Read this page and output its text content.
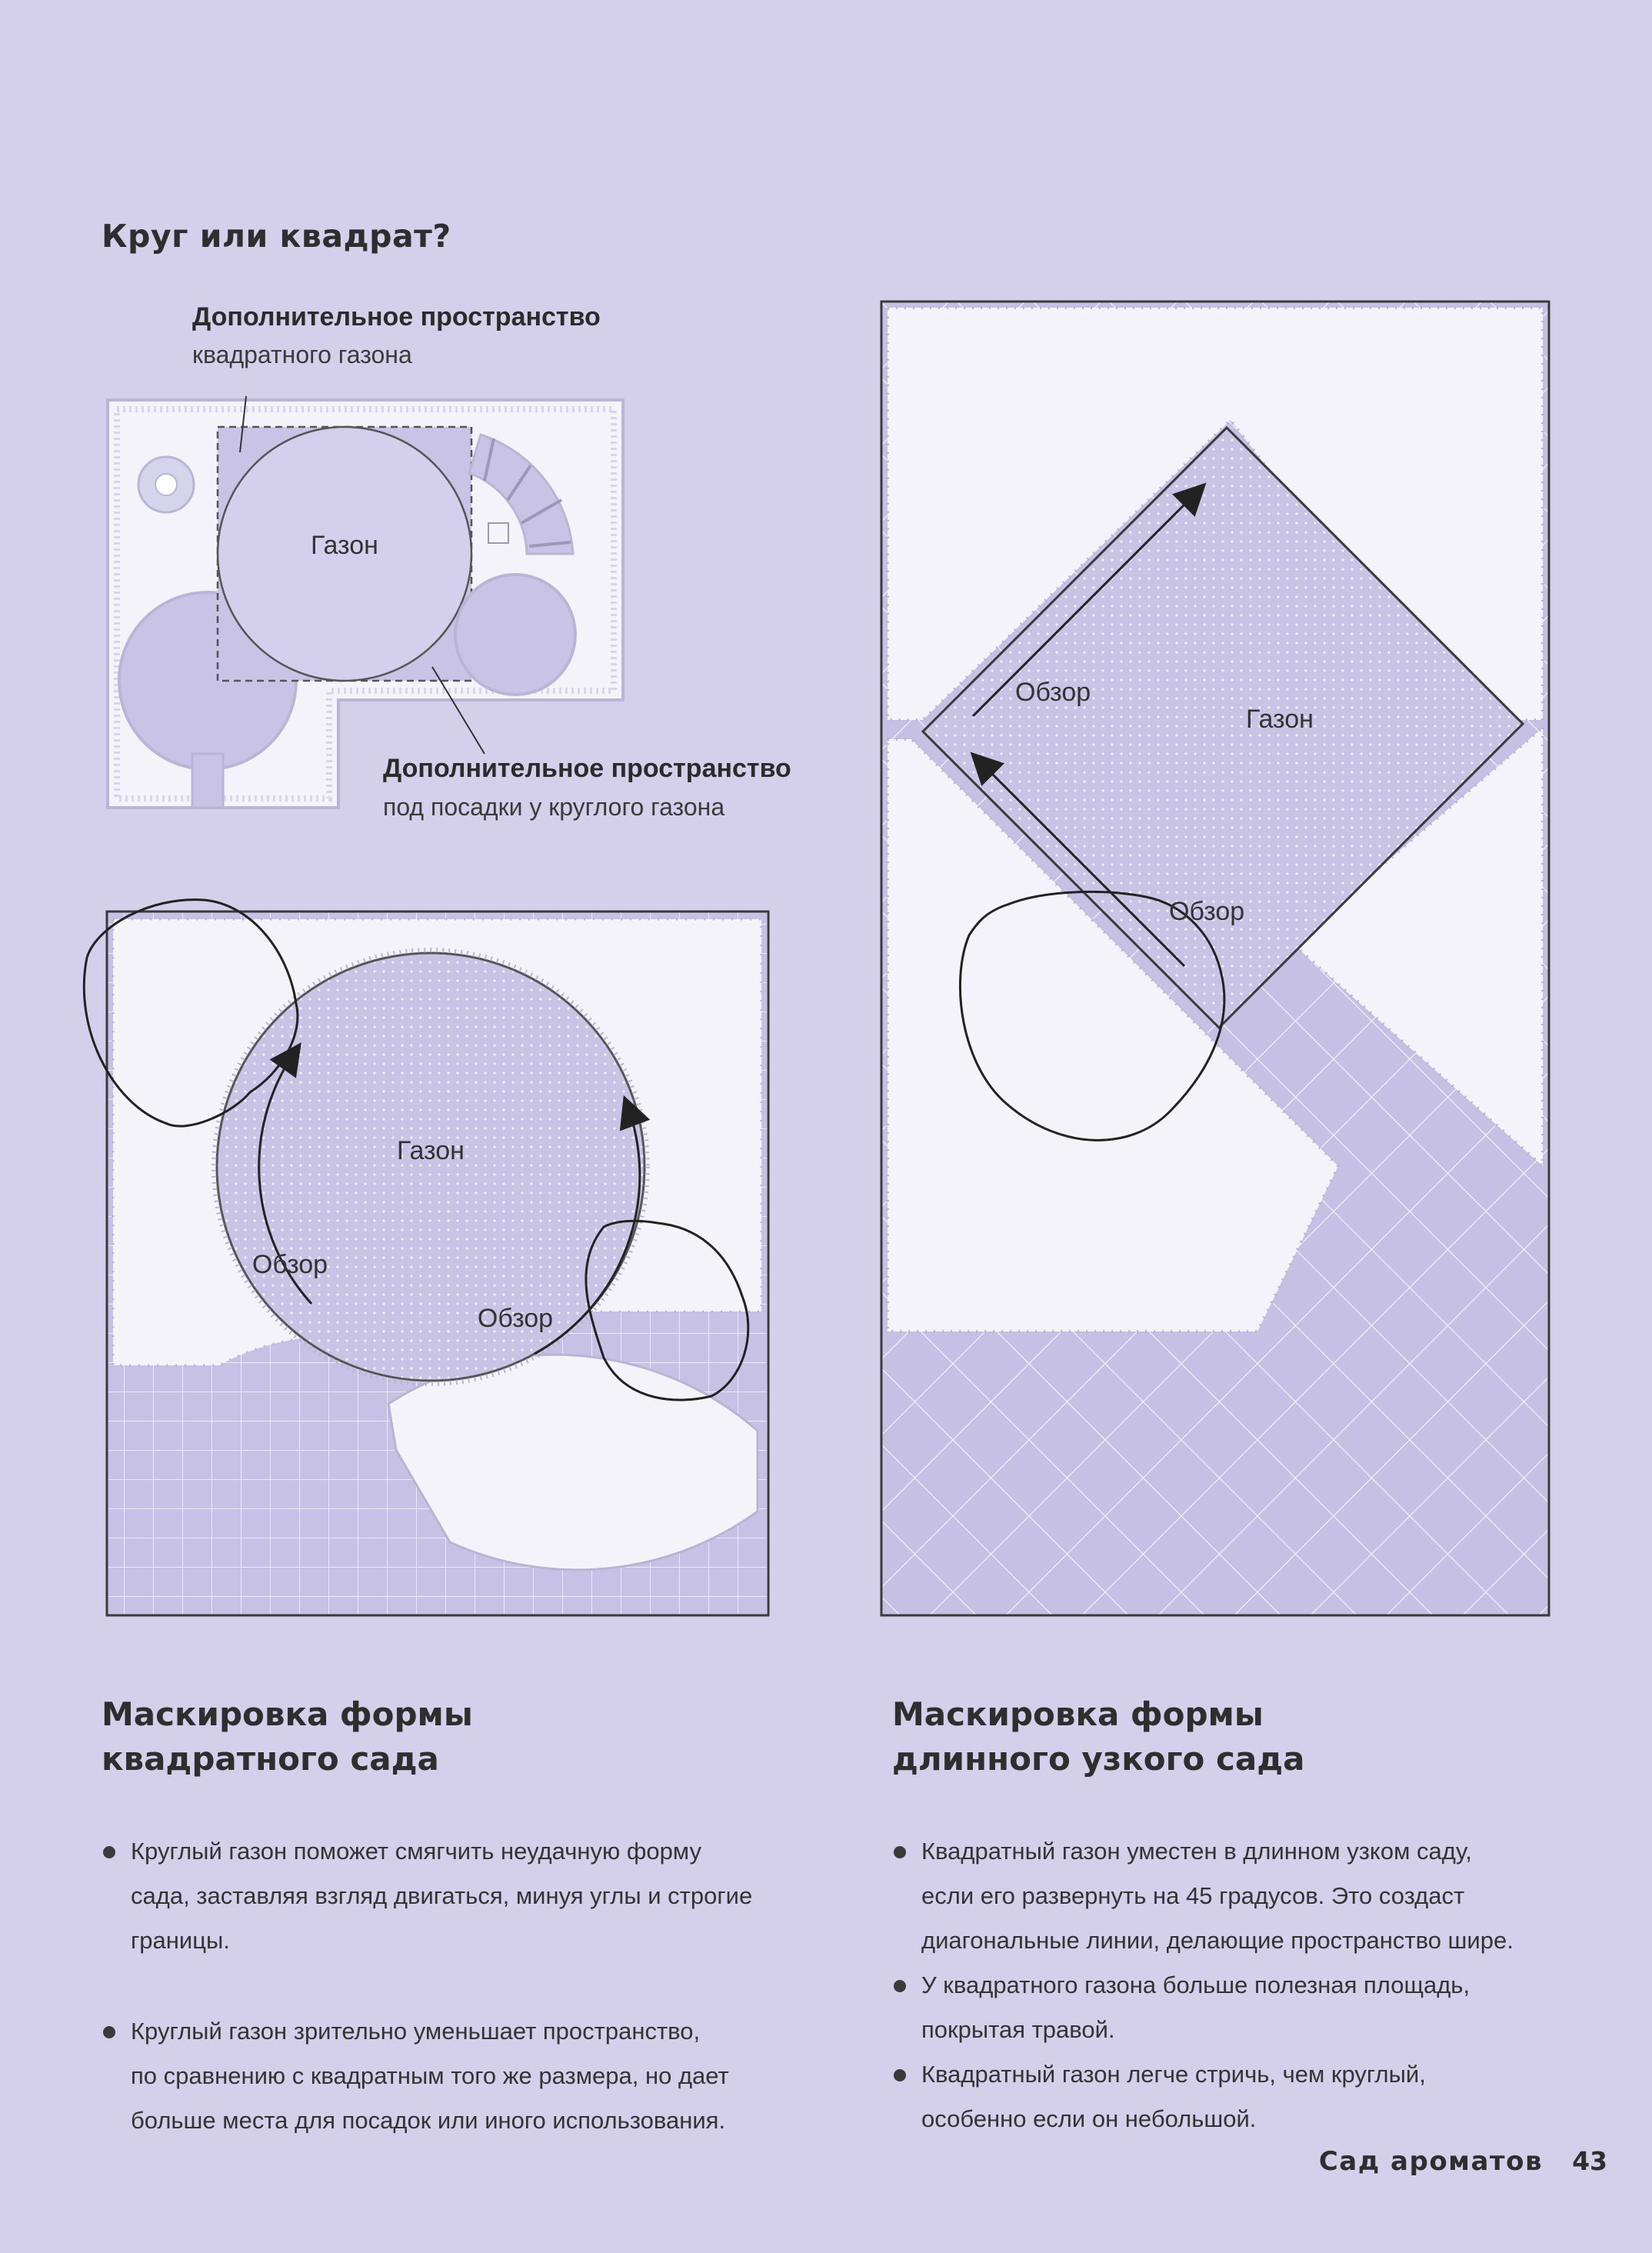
Круг или квадрат?
Дополнительное пространство
квадратного газона
Газон
Дополнительное пространство
под посадки у круглого газона
Газон
Обзор
Обзор
Обзор
Газон
Обзор
Маскировка формы
квадратного сада
Круглый газон поможет смягчить неудачную форму
сада, заставляя взгляд двигаться, минуя углы и строгие
границы.
Круглый газон зрительно уменьшает пространство,
по сравнению с квадратным того же размера, но дает
больше места для посадок или иного использования.
Маскировка формы
длинного узкого сада
Квадратный газон уместен в длинном узком саду,
если его развернуть на 45 градусов. Это создаст
диагональные линии, делающие пространство шире.
У квадратного газона больше полезная площадь,
покрытая травой.
Квадратный газон легче стричь, чем круглый,
особенно если он небольшой.
Сад ароматов 43
